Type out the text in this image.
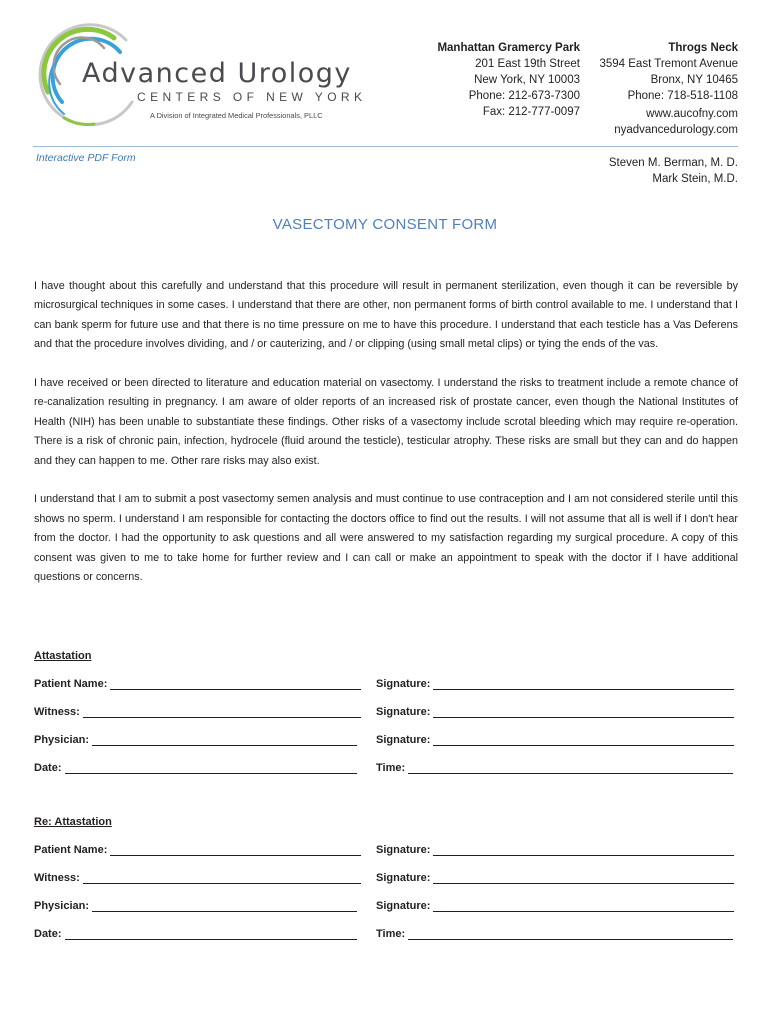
Advanced Urology
CENTERS OF NEW YORK
A Division of Integrated Medical Professionals, PLLC
Manhattan Gramercy Park
201 East 19th Street
New York, NY 10003
Phone: 212-673-7300
Fax: 212-777-0097
Throgs Neck
3594 East Tremont Avenue
Bronx, NY 10465
Phone: 718-518-1108
www.aucofny.com
nyadvancedurology.com
Interactive PDF Form	Steven M. Berman, M. D.
Mark Stein, M.D.
VASECTOMY CONSENT FORM

I have thought about this carefully and understand that this procedure will result in permanent sterilization, even though it can be reversible by microsurgical techniques in some cases. I understand that there are other, non permanent forms of birth control available to me. I understand that I can bank sperm for future use and that there is no time pressure on me to have this procedure. I understand that each testicle has a Vas Deferens and that the procedure involves dividing, and / or cauterizing, and / or clipping (using small metal clips) or tying the ends of the vas.

I have received or been directed to literature and education material on vasectomy. I understand the risks to treatment include a remote chance of re-canalization resulting in pregnancy. I am aware of older reports of an increased risk of prostate cancer, even though the National Institutes of Health (NIH) has been unable to substantiate these findings. Other risks of a vasectomy include scrotal bleeding which may require re-operation. There is a risk of chronic pain, infection, hydrocele (fluid around the testicle), testicular atrophy. These risks are small but they can and do happen and they can happen to me. Other rare risks may also exist.

I understand that I am to submit a post vasectomy semen analysis and must continue to use contraception and I am not considered sterile until this shows no sperm. I understand I am responsible for contacting the doctors office to find out the results. I will not assume that all is well if I don't hear from the doctor. I had the opportunity to ask questions and all were answered to my satisfaction regarding my surgical procedure. A copy of this consent was given to me to take home for further review and I can call or make an appointment to speak with the doctor if I have additional questions or concerns.

Attastation
Patient Name:	Signature:
Witness:	Signature:
Physician:	Signature:
Date:	Time:
Re: Attastation
Patient Name:	Signature:
Witness:	Signature:
Physician:	Signature:
Date:	Time:
